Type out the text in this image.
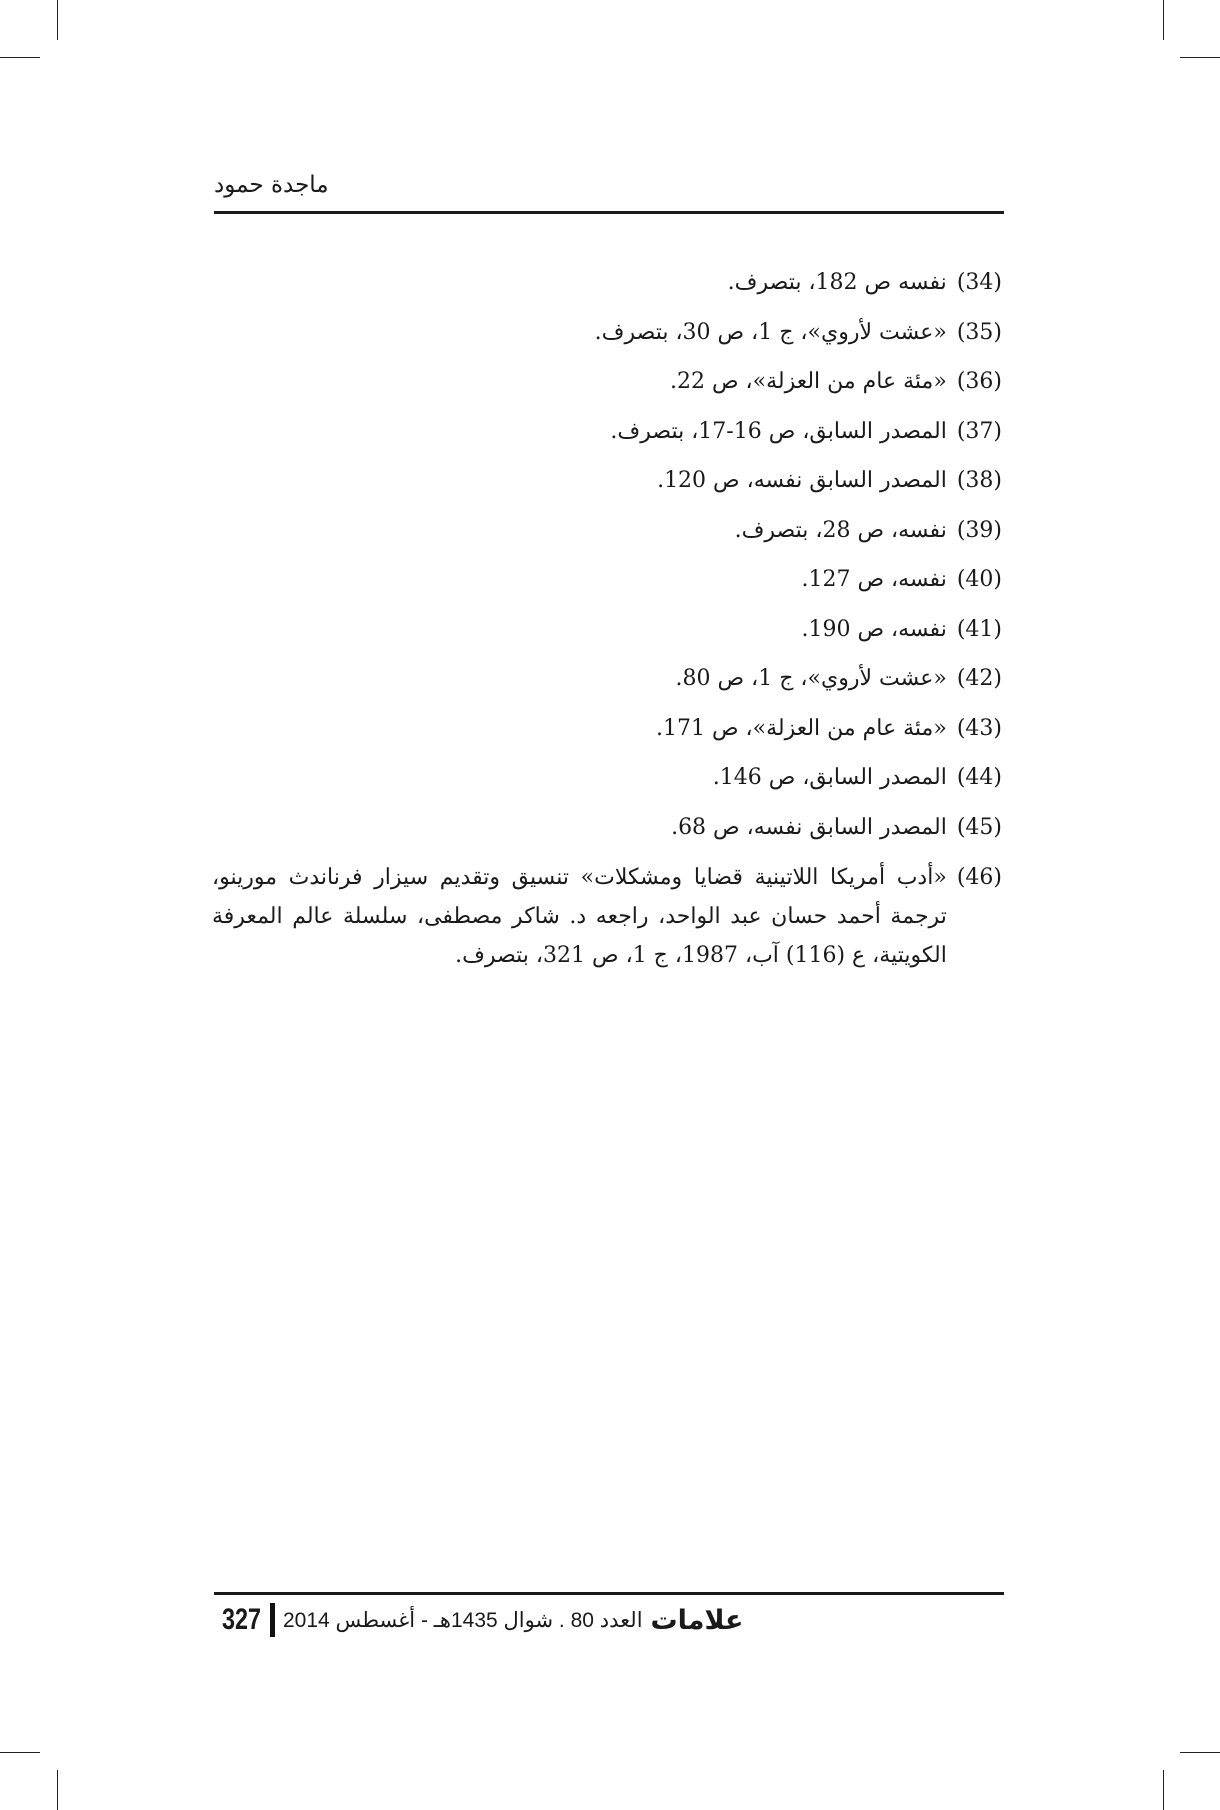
ماجدة حمود
(34)
نفسه ص 182، بتصرف.
(35)
«عشت لأروي»، ج 1، ص 30، بتصرف.
(36)
«مئة عام من العزلة»، ص 22.
(37)
المصدر السابق، ص 16-17، بتصرف.
(38)
المصدر السابق نفسه، ص 120.
(39)
نفسه، ص 28، بتصرف.
(40)
نفسه، ص 127.
(41)
نفسه، ص 190.
(42)
«عشت لأروي»، ج 1، ص 80.
(43)
«مئة عام من العزلة»، ص 171.
(44)
المصدر السابق، ص 146.
(45)
المصدر السابق نفسه، ص 68.
(46)
«أدب أمريكا اللاتينية قضايا ومشكلات» تنسيق وتقديم سيزار فرناندث مورينو، ترجمة أحمد حسان عبد الواحد، راجعه د. شاكر مصطفى، سلسلة عالم المعرفة الكويتية، ع (116) آب، 1987، ج 1، ص 321، بتصرف.
327 العدد 80 . شوال 1435هـ - أغسطس 2014 علامات
